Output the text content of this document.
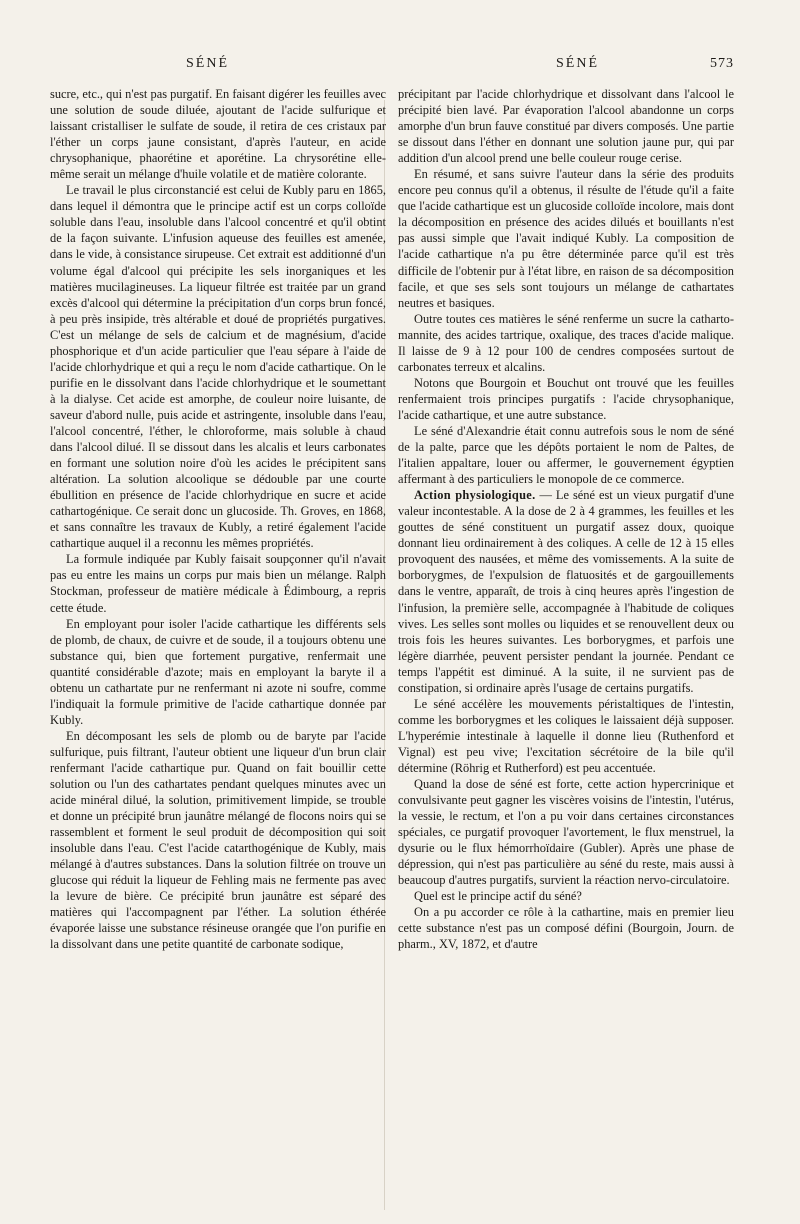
SÉNÉ	SÉNÉ	573

sucre, etc., qui n'est pas purgatif. En faisant digérer les feuilles avec une solution de soude diluée, ajoutant de l'acide sulfurique et laissant cristalliser le sulfate de soude, il retira de ces cristaux par l'éther un corps jaune consistant, d'après l'auteur, en acide chrysophanique, phaorétine et aporétine. La chrysorétine elle-même serait un mélange d'huile volatile et de matière colorante.

Le travail le plus circonstancié est celui de Kubly paru en 1865, dans lequel il démontra que le principe actif est un corps colloïde soluble dans l'eau, insoluble dans l'alcool concentré et qu'il obtint de la façon suivante. L'infusion aqueuse des feuilles est amenée, dans le vide, à consistance sirupeuse. Cet extrait est additionné d'un volume égal d'alcool qui précipite les sels inorganiques et les matières mucilagineuses. La liqueur filtrée est traitée par un grand excès d'alcool qui détermine la précipitation d'un corps brun foncé, à peu près insipide, très altérable et doué de propriétés purgatives. C'est un mélange de sels de calcium et de magnésium, d'acide phosphorique et d'un acide particulier que l'eau sépare à l'aide de l'acide chlorhydrique et qui a reçu le nom d'acide cathartique. On le purifie en le dissolvant dans l'acide chlorhydrique et le soumettant à la dialyse. Cet acide est amorphe, de couleur noire luisante, de saveur d'abord nulle, puis acide et astringente, insoluble dans l'eau, l'alcool concentré, l'éther, le chloroforme, mais soluble à chaud dans l'alcool dilué. Il se dissout dans les alcalis et leurs carbonates en formant une solution noire d'où les acides le précipitent sans altération. La solution alcoolique se dédouble par une courte ébullition en présence de l'acide chlorhydrique en sucre et acide cathartogénique. Ce serait donc un glucoside. Th. Groves, en 1868, et sans connaître les travaux de Kubly, a retiré également l'acide cathartique auquel il a reconnu les mêmes propriétés.

La formule indiquée par Kubly faisait soupçonner qu'il n'avait pas eu entre les mains un corps pur mais bien un mélange. Ralph Stockman, professeur de matière médicale à Édimbourg, a repris cette étude.

En employant pour isoler l'acide cathartique les différents sels de plomb, de chaux, de cuivre et de soude, il a toujours obtenu une substance qui, bien que fortement purgative, renfermait une quantité considérable d'azote; mais en employant la baryte il a obtenu un cathartate pur ne renfermant ni azote ni soufre, comme l'indiquait la formule primitive de l'acide cathartique donnée par Kubly.

En décomposant les sels de plomb ou de baryte par l'acide sulfurique, puis filtrant, l'auteur obtient une liqueur d'un brun clair renfermant l'acide cathartique pur. Quand on fait bouillir cette solution ou l'un des cathartates pendant quelques minutes avec un acide minéral dilué, la solution, primitivement limpide, se trouble et donne un précipité brun jaunâtre mélangé de flocons noirs qui se rassemblent et forment le seul produit de décomposition qui soit insoluble dans l'eau. C'est l'acide catarthogénique de Kubly, mais mélangé à d'autres substances. Dans la solution filtrée on trouve un glucose qui réduit la liqueur de Fehling mais ne fermente pas avec la levure de bière. Ce précipité brun jaunâtre est séparé des matières qui l'accompagnent par l'éther. La solution éthérée évaporée laisse une substance résineuse orangée que l'on purifie en la dissolvant dans une petite quantité de carbonate sodique,

précipitant par l'acide chlorhydrique et dissolvant dans l'alcool le précipité bien lavé. Par évaporation l'alcool abandonne un corps amorphe d'un brun fauve constitué par divers composés. Une partie se dissout dans l'éther en donnant une solution jaune pur, qui par addition d'un alcool prend une belle couleur rouge cerise.

En résumé, et sans suivre l'auteur dans la série des produits encore peu connus qu'il a obtenus, il résulte de l'étude qu'il a faite que l'acide cathartique est un glucoside colloïde incolore, mais dont la décomposition en présence des acides dilués et bouillants n'est pas aussi simple que l'avait indiqué Kubly. La composition de l'acide cathartique n'a pu être déterminée parce qu'il est très difficile de l'obtenir pur à l'état libre, en raison de sa décomposition facile, et que ses sels sont toujours un mélange de cathartates neutres et basiques.

Outre toutes ces matières le séné renferme un sucre la catharto-mannite, des acides tartrique, oxalique, des traces d'acide malique. Il laisse de 9 à 12 pour 100 de cendres composées surtout de carbonates terreux et alcalins.

Notons que Bourgoin et Bouchut ont trouvé que les feuilles renfermaient trois principes purgatifs : l'acide chrysophanique, l'acide cathartique, et une autre substance.

Le séné d'Alexandrie était connu autrefois sous le nom de séné de la palte, parce que les dépôts portaient le nom de Paltes, de l'italien appaltare, louer ou affermer, le gouvernement égyptien affermant à des particuliers le monopole de ce commerce.

Action physiologique. — Le séné est un vieux purgatif d'une valeur incontestable. A la dose de 2 à 4 grammes, les feuilles et les gouttes de séné constituent un purgatif assez doux, quoique donnant lieu ordinairement à des coliques. A celle de 12 à 15 elles provoquent des nausées, et même des vomissements. A la suite de borborygmes, de l'expulsion de flatuosités et de gargouillements dans le ventre, apparaît, de trois à cinq heures après l'ingestion de l'infusion, la première selle, accompagnée à l'habitude de coliques vives. Les selles sont molles ou liquides et se renouvellent deux ou trois fois les heures suivantes. Les borborygmes, et parfois une légère diarrhée, peuvent persister pendant la journée. Pendant ce temps l'appétit est diminué. A la suite, il ne survient pas de constipation, si ordinaire après l'usage de certains purgatifs.

Le séné accélère les mouvements péristaltiques de l'intestin, comme les borborygmes et les coliques le laissaient déjà supposer. L'hyperémie intestinale à laquelle il donne lieu (Ruthenford et Vignal) est peu vive; l'excitation sécrétoire de la bile qu'il détermine (Röhrig et Rutherford) est peu accentuée.

Quand la dose de séné est forte, cette action hypercrinique et convulsivante peut gagner les viscères voisins de l'intestin, l'utérus, la vessie, le rectum, et l'on a pu voir dans certaines circonstances spéciales, ce purgatif provoquer l'avortement, le flux menstruel, la dysurie ou le flux hémorrhoïdaire (Gubler). Après une phase de dépression, qui n'est pas particulière au séné du reste, mais aussi à beaucoup d'autres purgatifs, survient la réaction nervo-circulatoire.

Quel est le principe actif du séné?

On a pu accorder ce rôle à la cathartine, mais en premier lieu cette substance n'est pas un composé défini (Bourgoin, Journ. de pharm., XV, 1872, et d'autre
